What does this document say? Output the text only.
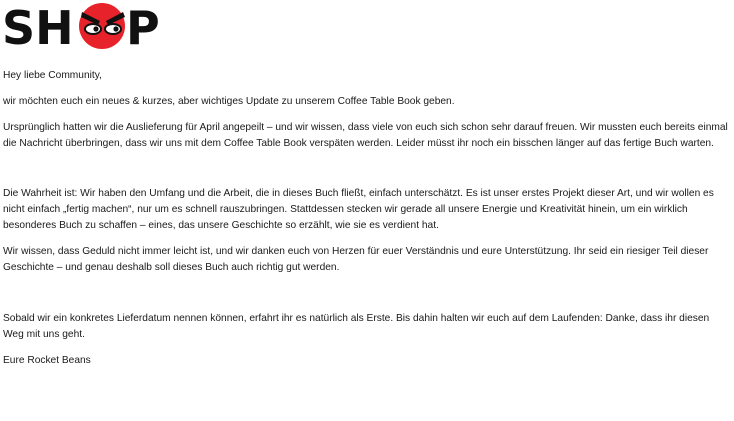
SH P

Hey liebe Community,

wir möchten euch ein neues & kurzes, aber wichtiges Update zu unserem Coffee Table Book geben.

Ursprünglich hatten wir die Auslieferung für April angepeilt – und wir wissen, dass viele von euch sich schon sehr darauf freuen. Wir mussten euch bereits einmal die Nachricht überbringen, dass wir uns mit dem Coffee Table Book verspäten werden. Leider müsst ihr noch ein bisschen länger auf das fertige Buch warten.

Die Wahrheit ist: Wir haben den Umfang und die Arbeit, die in dieses Buch fließt, einfach unterschätzt. Es ist unser erstes Projekt dieser Art, und wir wollen es nicht einfach „fertig machen“, nur um es schnell rauszubringen. Stattdessen stecken wir gerade all unsere Energie und Kreativität hinein, um ein wirklich besonderes Buch zu schaffen – eines, das unsere Geschichte so erzählt, wie sie es verdient hat.

Wir wissen, dass Geduld nicht immer leicht ist, und wir danken euch von Herzen für euer Verständnis und eure Unterstützung. Ihr seid ein riesiger Teil dieser Geschichte – und genau deshalb soll dieses Buch auch richtig gut werden.

Sobald wir ein konkretes Lieferdatum nennen können, erfahrt ihr es natürlich als Erste. Bis dahin halten wir euch auf dem Laufenden: Danke, dass ihr diesen Weg mit uns geht.

Eure Rocket Beans
